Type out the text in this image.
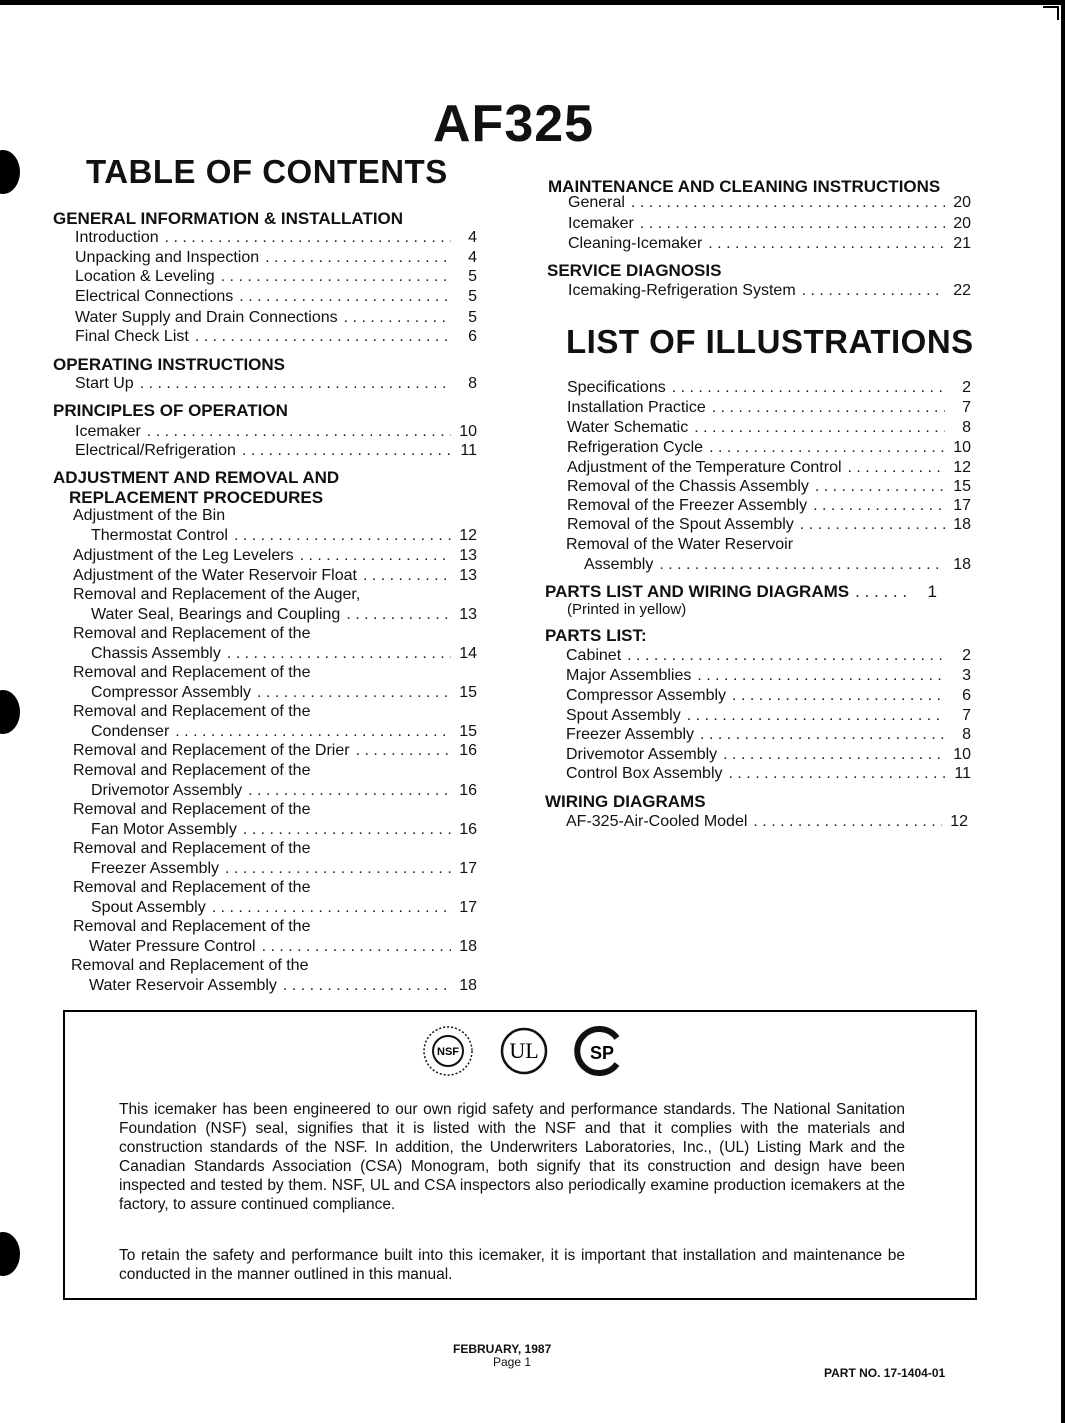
AF325
TABLE OF CONTENTS
GENERAL INFORMATION & INSTALLATION
Introduction . . .	4
Unpacking and Inspection . . .	4
Location & Leveling . . .	5
Electrical Connections . . .	5
Water Supply and Drain Connections . . .	5
Final Check List . . .	6
OPERATING INSTRUCTIONS
Start Up . . .	8
PRINCIPLES OF OPERATION
Icemaker . . .	10
Electrical/Refrigeration . . .	11
ADJUSTMENT AND REMOVAL AND
REPLACEMENT PROCEDURES
Adjustment of the Bin
Thermostat Control . . .	12
Adjustment of the Leg Levelers . . .	13
Adjustment of the Water Reservoir Float . . .	13
Removal and Replacement of the Auger,
Water Seal, Bearings and Coupling . . .	13
Removal and Replacement of the
Chassis Assembly . . .	14
Removal and Replacement of the
Compressor Assembly . . .	15
Removal and Replacement of the
Condenser . . .	15
Removal and Replacement of the Drier . . .	16
Removal and Replacement of the
Drivemotor Assembly . . .	16
Removal and Replacement of the
Fan Motor Assembly . . .	16
Removal and Replacement of the
Freezer Assembly . . .	17
Removal and Replacement of the
Spout Assembly . . .	17
Removal and Replacement of the
Water Pressure Control . . .	18
Removal and Replacement of the
Water Reservoir Assembly . . .	18
MAINTENANCE AND CLEANING INSTRUCTIONS
General . . .	20
Icemaker . . .	20
Cleaning-Icemaker . . .	21
SERVICE DIAGNOSIS
Icemaking-Refrigeration System . . .	22
LIST OF ILLUSTRATIONS
Specifications . . .	2
Installation Practice . . .	7
Water Schematic . . .	8
Refrigeration Cycle . . .	10
Adjustment of the Temperature Control . . .	12
Removal of the Chassis Assembly . . .	15
Removal of the Freezer Assembly . . .	17
Removal of the Spout Assembly . . .	18
Removal of the Water Reservoir
Assembly . . .	18
PARTS LIST AND WIRING DIAGRAMS . . .	1
(Printed in yellow)
PARTS LIST:
Cabinet . . .	2
Major Assemblies . . .	3
Compressor Assembly . . .	6
Spout Assembly . . .	7
Freezer Assembly . . .	8
Drivemotor Assembly . . .	10
Control Box Assembly . . .	11
WIRING DIAGRAMS
AF-325-Air-Cooled Model . . .	12
NSF UL	SP
This icemaker has been engineered to our own rigid safety and performance standards. The National Sanitation Foundation (NSF) seal, signifies that it is listed with the NSF and that it complies with the materials and construction standards of the NSF. In addition, the Underwriters Laboratories, Inc., (UL) Listing Mark and the Canadian Standards Association (CSA) Monogram, both signify that its construction and design have been inspected and tested by them. NSF, UL and CSA inspectors also periodically examine production icemakers at the factory, to assure continued compliance.
To retain the safety and performance built into this icemaker, it is important that installation and maintenance be conducted in the manner outlined in this manual.
FEBRUARY, 1987
Page 1
PART NO. 17-1404-01
